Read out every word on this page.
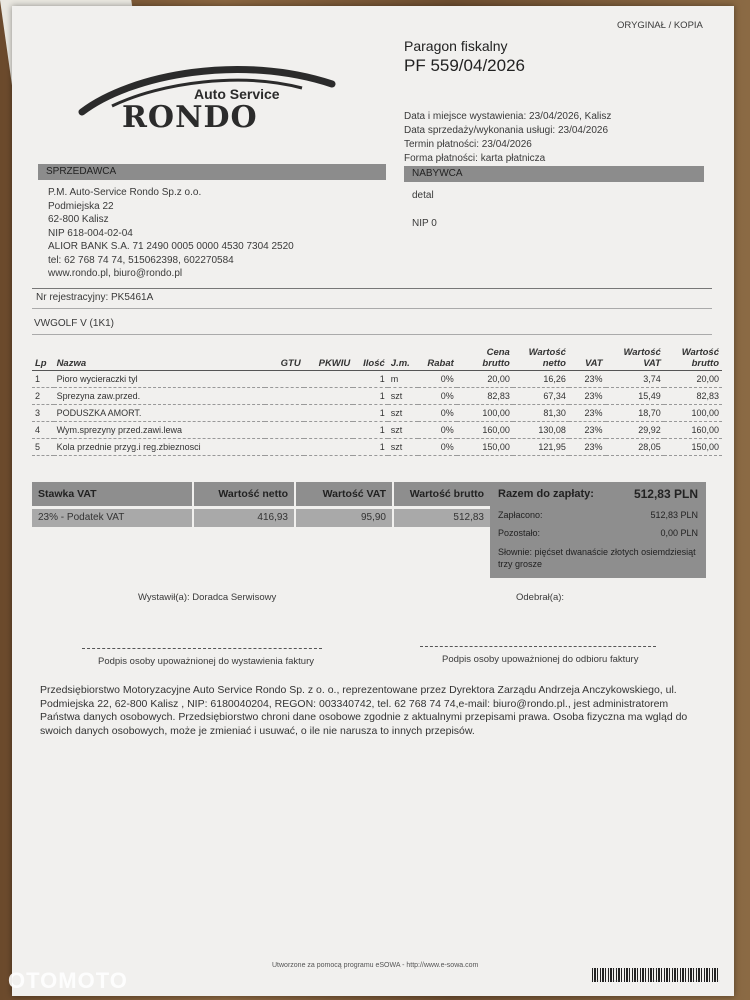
Auto Service
RONDO
ORYGINAŁ / KOPIA
Paragon fiskalny
PF 559/04/2026
Data i miejsce wystawienia: 23/04/2026, Kalisz
Data sprzedaży/wykonania usługi: 23/04/2026
Termin płatności: 23/04/2026
Forma płatności: karta płatnicza
SPRZEDAWCA	NABYWCA
P.M. Auto-Service Rondo Sp.z o.o.
Podmiejska 22
62-800 Kalisz
NIP 618-004-02-04
ALIOR BANK S.A. 71 2490 0005 0000 4530 7304 2520
tel: 62 768 74 74, 515062398, 602270584
www.rondo.pl, biuro@rondo.pl
detal
NIP 0
Nr rejestracyjny: PK5461A
VWGOLF V (1K1)
Lp	Nazwa	GTU	PKWIU	Ilość	J.m.	Rabat	Cena brutto	Wartość netto	VAT	Wartość VAT	Wartość brutto
1	Pioro wycieraczki tyl			1	m	0%	20,00	16,26	23%	3,74	20,00
2	Sprezyna zaw.przed.			1	szt	0%	82,83	67,34	23%	15,49	82,83
3	PODUSZKA AMORT.			1	szt	0%	100,00	81,30	23%	18,70	100,00
4	Wym.sprezyny przed.zawi.lewa			1	szt	0%	160,00	130,08	23%	29,92	160,00
5	Kola przednie przyg.i reg.zbieznosci			1	szt	0%	150,00	121,95	23%	28,05	150,00
Stawka VAT	Wartość netto	Wartość VAT	Wartość brutto
23% - Podatek VAT	416,93	95,90	512,83
Razem do zapłaty:	512,83 PLN
Zapłacono:	512,83 PLN
Pozostało:	0,00 PLN
Słownie: pięćset dwanaście złotych osiemdziesiąt trzy grosze
Wystawił(a): Doradca Serwisowy	Odebrał(a):
Podpis osoby upoważnionej do wystawienia faktury	Podpis osoby upoważnionej do odbioru faktury
Przedsiębiorstwo Motoryzacyjne Auto Service Rondo Sp. z o. o., reprezentowane przez Dyrektora Zarządu Andrzeja Anczykowskiego, ul. Podmiejska 22, 62-800 Kalisz , NIP: 6180040204, REGON: 003340742, tel. 62 768 74 74,e-mail: biuro@rondo.pl., jest administratorem Państwa danych osobowych. Przedsiębiorstwo chroni dane osobowe zgodnie z aktualnymi przepisami prawa. Osoba fizyczna ma wgląd do swoich danych osobowych, może je zmieniać i usuwać, o ile nie narusza to innych przepisów.
Utworzone za pomocą programu eSOWA - http://www.e-sowa.com
OTOMOTO
